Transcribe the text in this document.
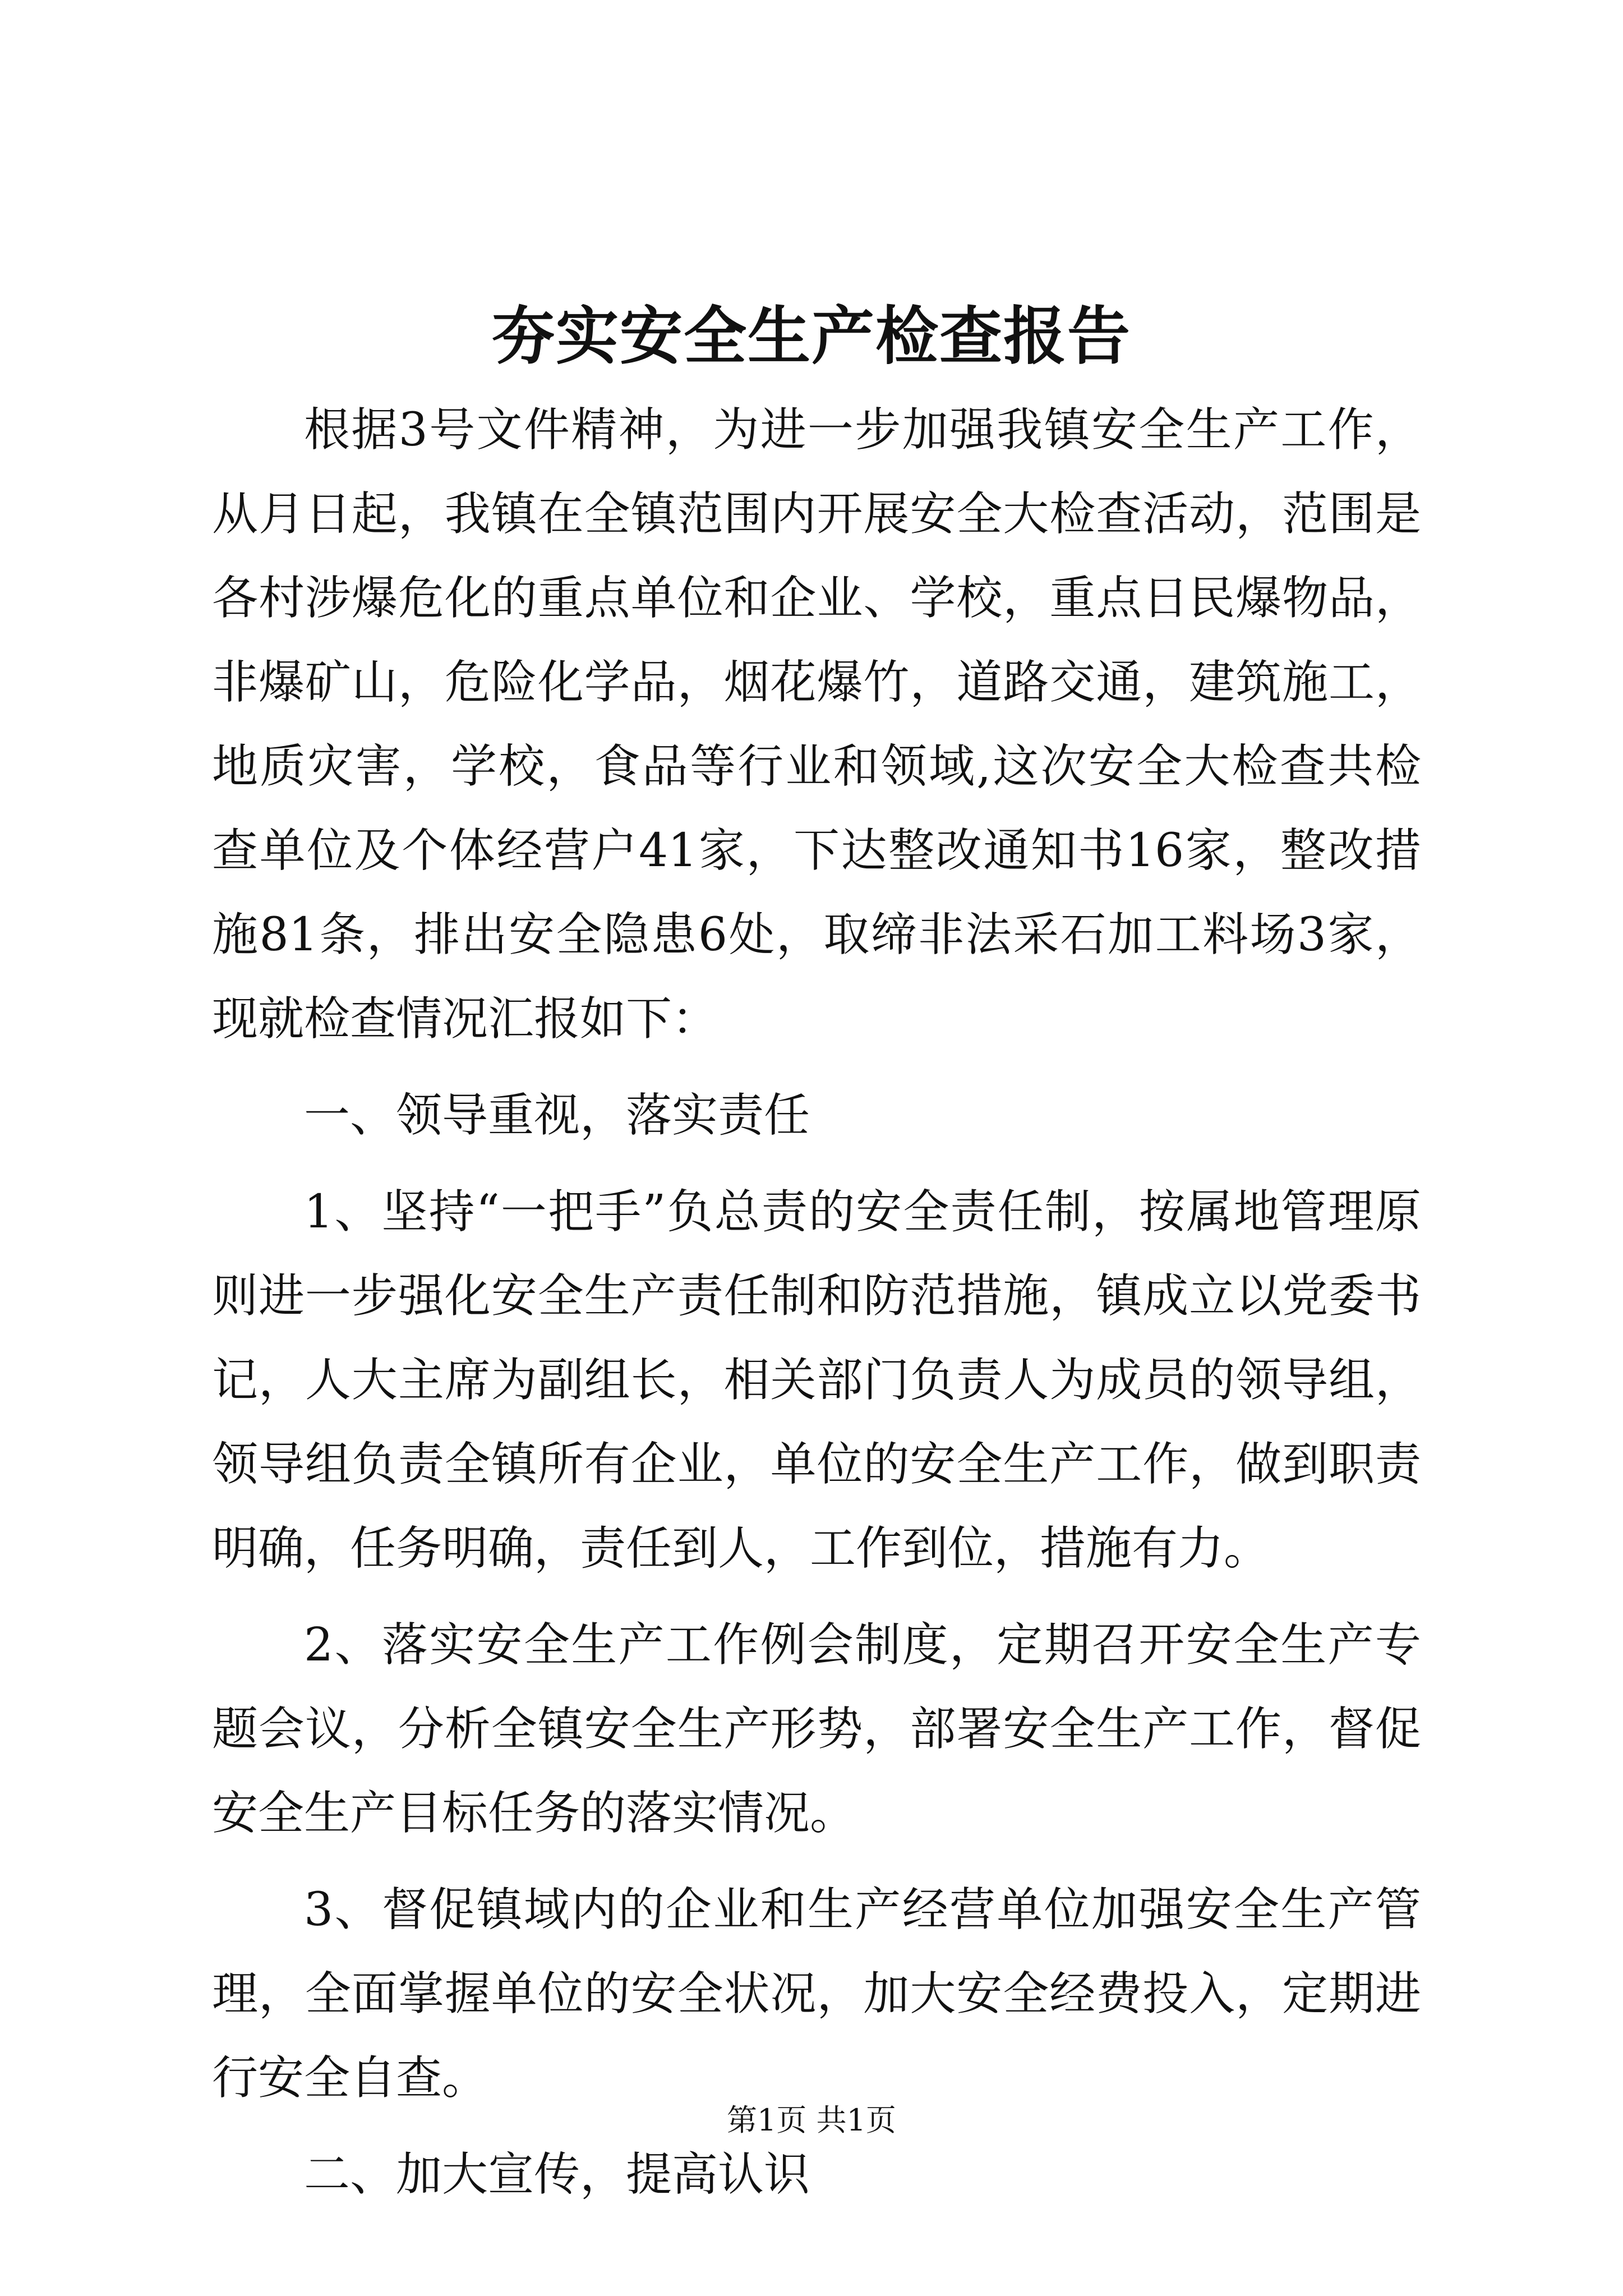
夯实安全生产检查报告

根据3号文件精神，为进一步加强我镇安全生产工作，从月日起，我镇在全镇范围内开展安全大检查活动，范围是各村涉爆危化的重点单位和企业、学校，重点日民爆物品，非爆矿山，危险化学品，烟花爆竹，道路交通，建筑施工，地质灾害，学校，食品等行业和领域,这次安全大检查共检查单位及个体经营户41家，下达整改通知书16家，整改措施81条，排出安全隐患6处，取缔非法采石加工料场3家，现就检查情况汇报如下：

一、领导重视，落实责任

1、坚持“一把手”负总责的安全责任制，按属地管理原则进一步强化安全生产责任制和防范措施，镇成立以党委书记，人大主席为副组长，相关部门负责人为成员的领导组，领导组负责全镇所有企业，单位的安全生产工作，做到职责明确，任务明确，责任到人，工作到位，措施有力。

2、落实安全生产工作例会制度，定期召开安全生产专题会议，分析全镇安全生产形势，部署安全生产工作，督促安全生产目标任务的落实情况。

3、督促镇域内的企业和生产经营单位加强安全生产管理，全面掌握单位的安全状况，加大安全经费投入，定期进行安全自查。

二、加大宣传，提高认识

第1页 共1页
